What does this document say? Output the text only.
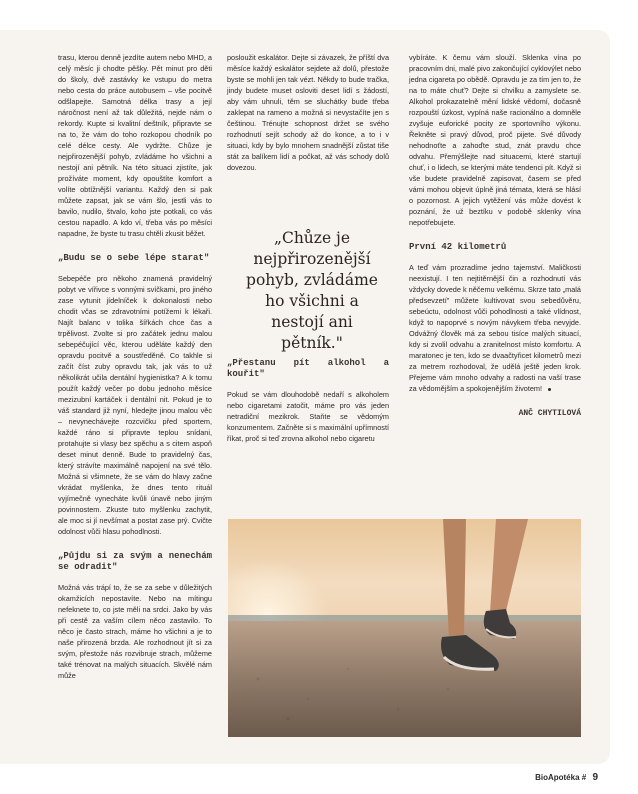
trasu, kterou denně jezdíte autem nebo MHD, a celý měsíc ji chodte pěšky. Pět minut pro děti do školy, dvě zastávky ke vstupu do metra nebo cesta do práce autobusem – vše pocitvě odšlapejte. Samotná délka trasy a její náročnost není až tak důležitá, nejde nám o rekordy. Kupte si kvalitní deštník, připravte se na to, že vám do toho rozkopou chodník po celé délce cesty. Ale vydržte. Chůze je nejpřirozenější pohyb, zvládáme ho všichni a nestojí ani pětník. Na této situaci zjistíte, jak prožíváte moment, kdy opouštíte komfort a volíte obtížnější variantu. Každý den si pak můžete zapsat, jak se vám šlo, jestli vás to bavilo, nudilo, štvalo, koho jste potkali, co vás cestou napadlo. A kdo ví, třeba vás po měsíci napadne, že byste tu trasu chtěli zkusit běžet.

„Budu se o sebe lépe starat"

Sebepéče pro někoho znamená pravidelný pobyt ve vířivce s vonnými svíčkami, pro jiného zase vytunit jídelníček k dokonalosti nebo chodit včas se zdravotními potížemi k lékaři. Najít balanc v tolika šířkách chce čas a trpělivost. Zvolte si pro začátek jednu malou sebepéčující věc, kterou uděláte každý den opravdu pocitvě a soustředěně. Co takhle si začít číst zuby opravdu tak, jak vás to už několikrát učila dentální hygienistka? A k tomu použít každý večer po dobu jednoho měsíce mezizubní kartáček i dentální nit. Pokud je to váš standard již nyní, hledejte jinou malou věc – nevynechávejte rozcvičku před sportem, každé ráno si připravte teplou snídani, protahujte si vlasy bez spěchu a s citem aspoň deset minut denně. Bude to pravidelný čas, který strávíte maximálně napojení na své tělo. Možná si všimnete, že se vám do hlavy začne vkrádat myšlenka, že dnes tento rituál vyjímečně vynecháte kvůli únavě nebo jiným povinnostem. Zkuste tuto myšlenku zachytit, ale moc si jí nevšímat a postat zase prý. Cvičte odolnost vůči hlasu pohodlnosti.

„Půjdu si za svým a nenechám se odradit"

Možná vás trápí to, že se za sebe v důležitých okamžicích nepostavíte. Nebo na mítingu nefeknete to, co jste měli na srdci. Jako by vás při cestě za vaším cílem něco zastavilo. To něco je často strach, máme ho všichni a je to naše přirozená brzda. Ale rozhodnout jít si za svým, přestože nás rozvibruje strach, můžeme také trénovat na malých situacích. Skvělé nám může

posloužit eskalátor. Dejte si závazek, že příští dva měsíce každý eskalátor sejdete až dolů, přestože byste se mohli jen tak vézt. Někdy to bude tračka, jindy budete muset osloviti deset lidí s žádostí, aby vám uhnuli, těm se sluchátky bude třeba zaklepat na rameno a možná si nevystačíte jen s češtinou. Trénujte schopnost držet se svého rozhodnutí sejít schody až do konce, a to i v situaci, kdy by bylo mnohem snadnější zůstat tiše stát za balíkem lidí a počkat, až vás schody dolů dovezou.

„Přestanu pít alkohol a kouřit"

Pokud se vám dlouhodobě nedaří s alkoholem nebo cigaretami zatočit, máme pro vás jeden netradiční mezikrok. Staňte se vědomým konzumentem. Začněte si s maximální upřímností říkat, proč si teď zrovna alkohol nebo cigaretu

„Chůze je nejpřirozenější pohyb, zvládáme ho všichni a nestojí ani pětník."

vybíráte. K čemu vám slouží. Sklenka vína po pracovním dni, malé pivo zakončující cyklovýlet nebo jedna cigareta po obědě. Opravdu je za tím jen to, že na to máte chuť? Dejte si chvilku a zamyslete se. Alkohol prokazatelně mění lidské vědomí, dočasně rozpouští úzkost, vypíná naše racionálno a domněle zvyšuje euforické pocity ze sportovního výkonu. Řekněte si pravý důvod, proč pijete. Své důvody nehodnoťte a zahoďte stud, znát pravdu chce odvahu. Přemýšlejte nad situacemi, které startují chuť, i o lidech, se kterými máte tendenci pít. Když si vše budete pravidelně zapisovat, časem se před vámi mohou objevit úplně jiná témata, která se hlásí o pozornost. A jejich vytěžení vás může dovést k poznání, že už beztíku v podobě sklenky vína nepotřebujete.

První 42 kilometrů

A teď vám prozradíme jedno tajemství. Maličkosti neexistují. I ten nejtitěrnější čin a rozhodnutí vás vždycky dovede k něčemu velkému. Skrze tato „malá předsevzetí" můžete kultivovat svou sebedůvěru, sebeúctu, odolnost vůči pohodlnosti a také vlídnost, když to napoprvé s novým návykem třeba nevyjde. Odvážný člověk má za sebou tisíce malých situací, kdy si zvolil odvahu a zranitelnost místo komfortu. A maratonec je ten, kdo se dvaačtyřicet kilometrů mezi za metrem rozhodoval, že udělá ještě jeden krok. Přejeme vám mnoho odvahy a radosti na vaší trase za vědomějším a spokojenějším životem!

ANČ CHYTILOVÁ
BioApotéka # 9
